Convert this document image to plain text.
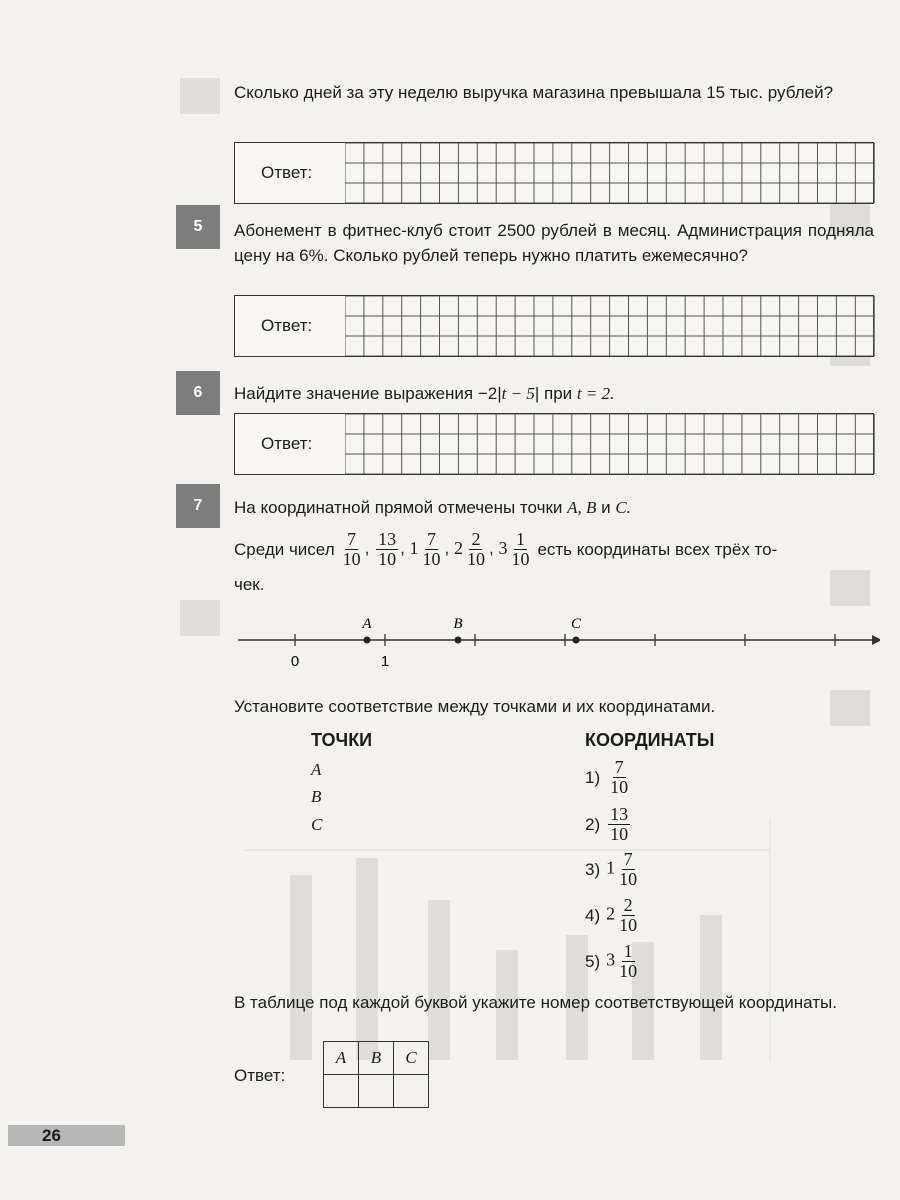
Сколько дней за эту неделю выручка магазина превышала 15 тыс. рублей?
Ответ:
5	Абонемент в фитнес-клуб стоит 2500 рублей в месяц. Администрация подняла цену на 6%. Сколько рублей теперь нужно платить ежемесячно?
Ответ:
6	Найдите значение выражения −2|t − 5| при t = 2.
Ответ:
7	На координатной прямой отмечены точки A, B и C.
Среди чисел $\frac{7}{10}$ , $\frac{13}{10}$ , $1 \frac{7}{10}$ , $2 \frac{2}{10}$ , $3 \frac{1}{10}$ есть координаты всех трёх то-
чек.
0	1
A	B	C
Установите соответствие между точками и их координатами.
ТОЧКИ	КООРДИНАТЫ
A
B
C
$1) \frac{7}{10}$
$2) \frac{13}{10}$
3) $1 \frac{7}{10}$
4) $2 \frac{2}{10}$
5) $3 \frac{1}{10}$
В таблице под каждой буквой укажите номер соответствующей координаты.
Ответ:
A	B	C

26
